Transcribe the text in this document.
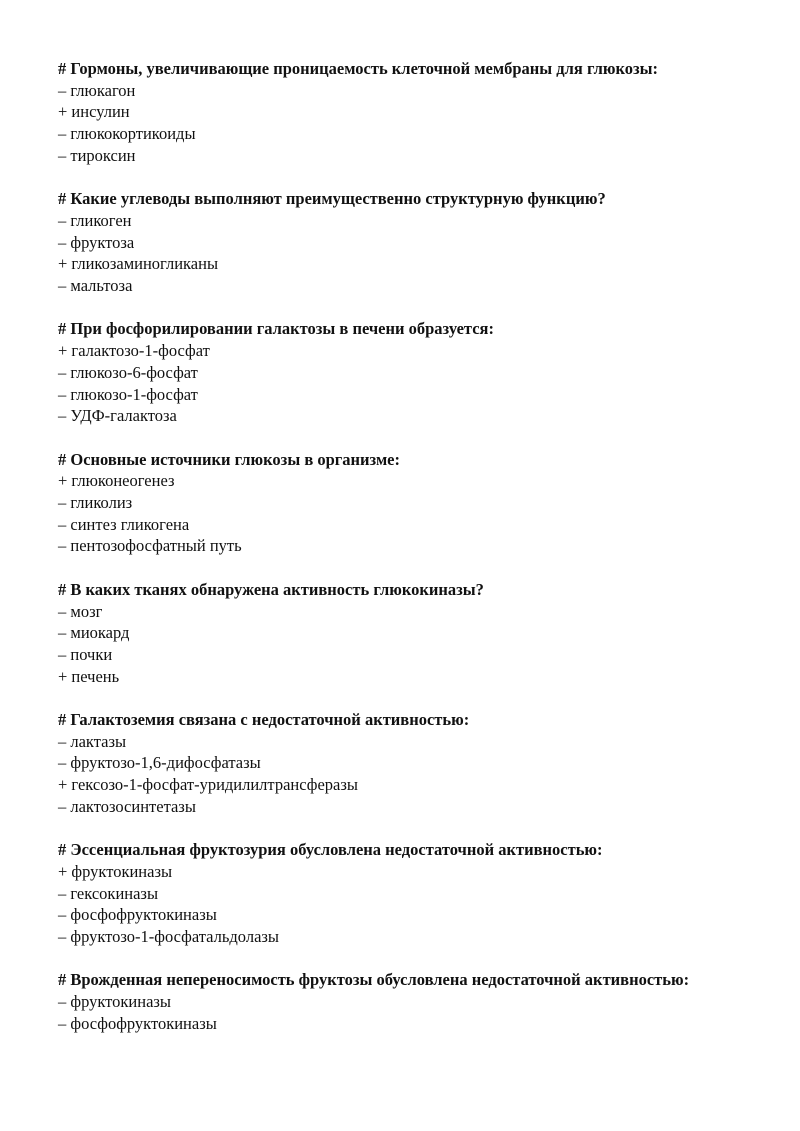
# Гормоны, увеличивающие проницаемость клеточной мембраны для глюкозы:

– глюкагон
+ инсулин
– глюкокортикоиды
– тироксин

# Какие углеводы выполняют преимущественно структурную функцию?

– гликоген
– фруктоза
+ гликозаминогликаны
– мальтоза

# При фосфорилировании галактозы в печени образуется:

+ галактозо-1-фосфат
– глюкозо-6-фосфат
– глюкозо-1-фосфат
– УДФ-галактоза

# Основные источники глюкозы в организме:

+ глюконеогенез
– гликолиз
– синтез гликогена
– пентозофосфатный путь

# В каких тканях обнаружена активность глюкокиназы?

– мозг
– миокард
– почки
+ печень

# Галактоземия связана с недостаточной активностью:

– лактазы
– фруктозо-1,6-дифосфатазы
+ гексозо-1-фосфат-уридилилтрансферазы
– лактозосинтетазы

# Эссенциальная фруктозурия обусловлена недостаточной активностью:

+ фруктокиназы
– гексокиназы
– фосфофруктокиназы
– фруктозо-1-фосфатальдолазы

# Врожденная непереносимость фруктозы обусловлена недостаточной активностью:

– фруктокиназы
– фосфофруктокиназы
